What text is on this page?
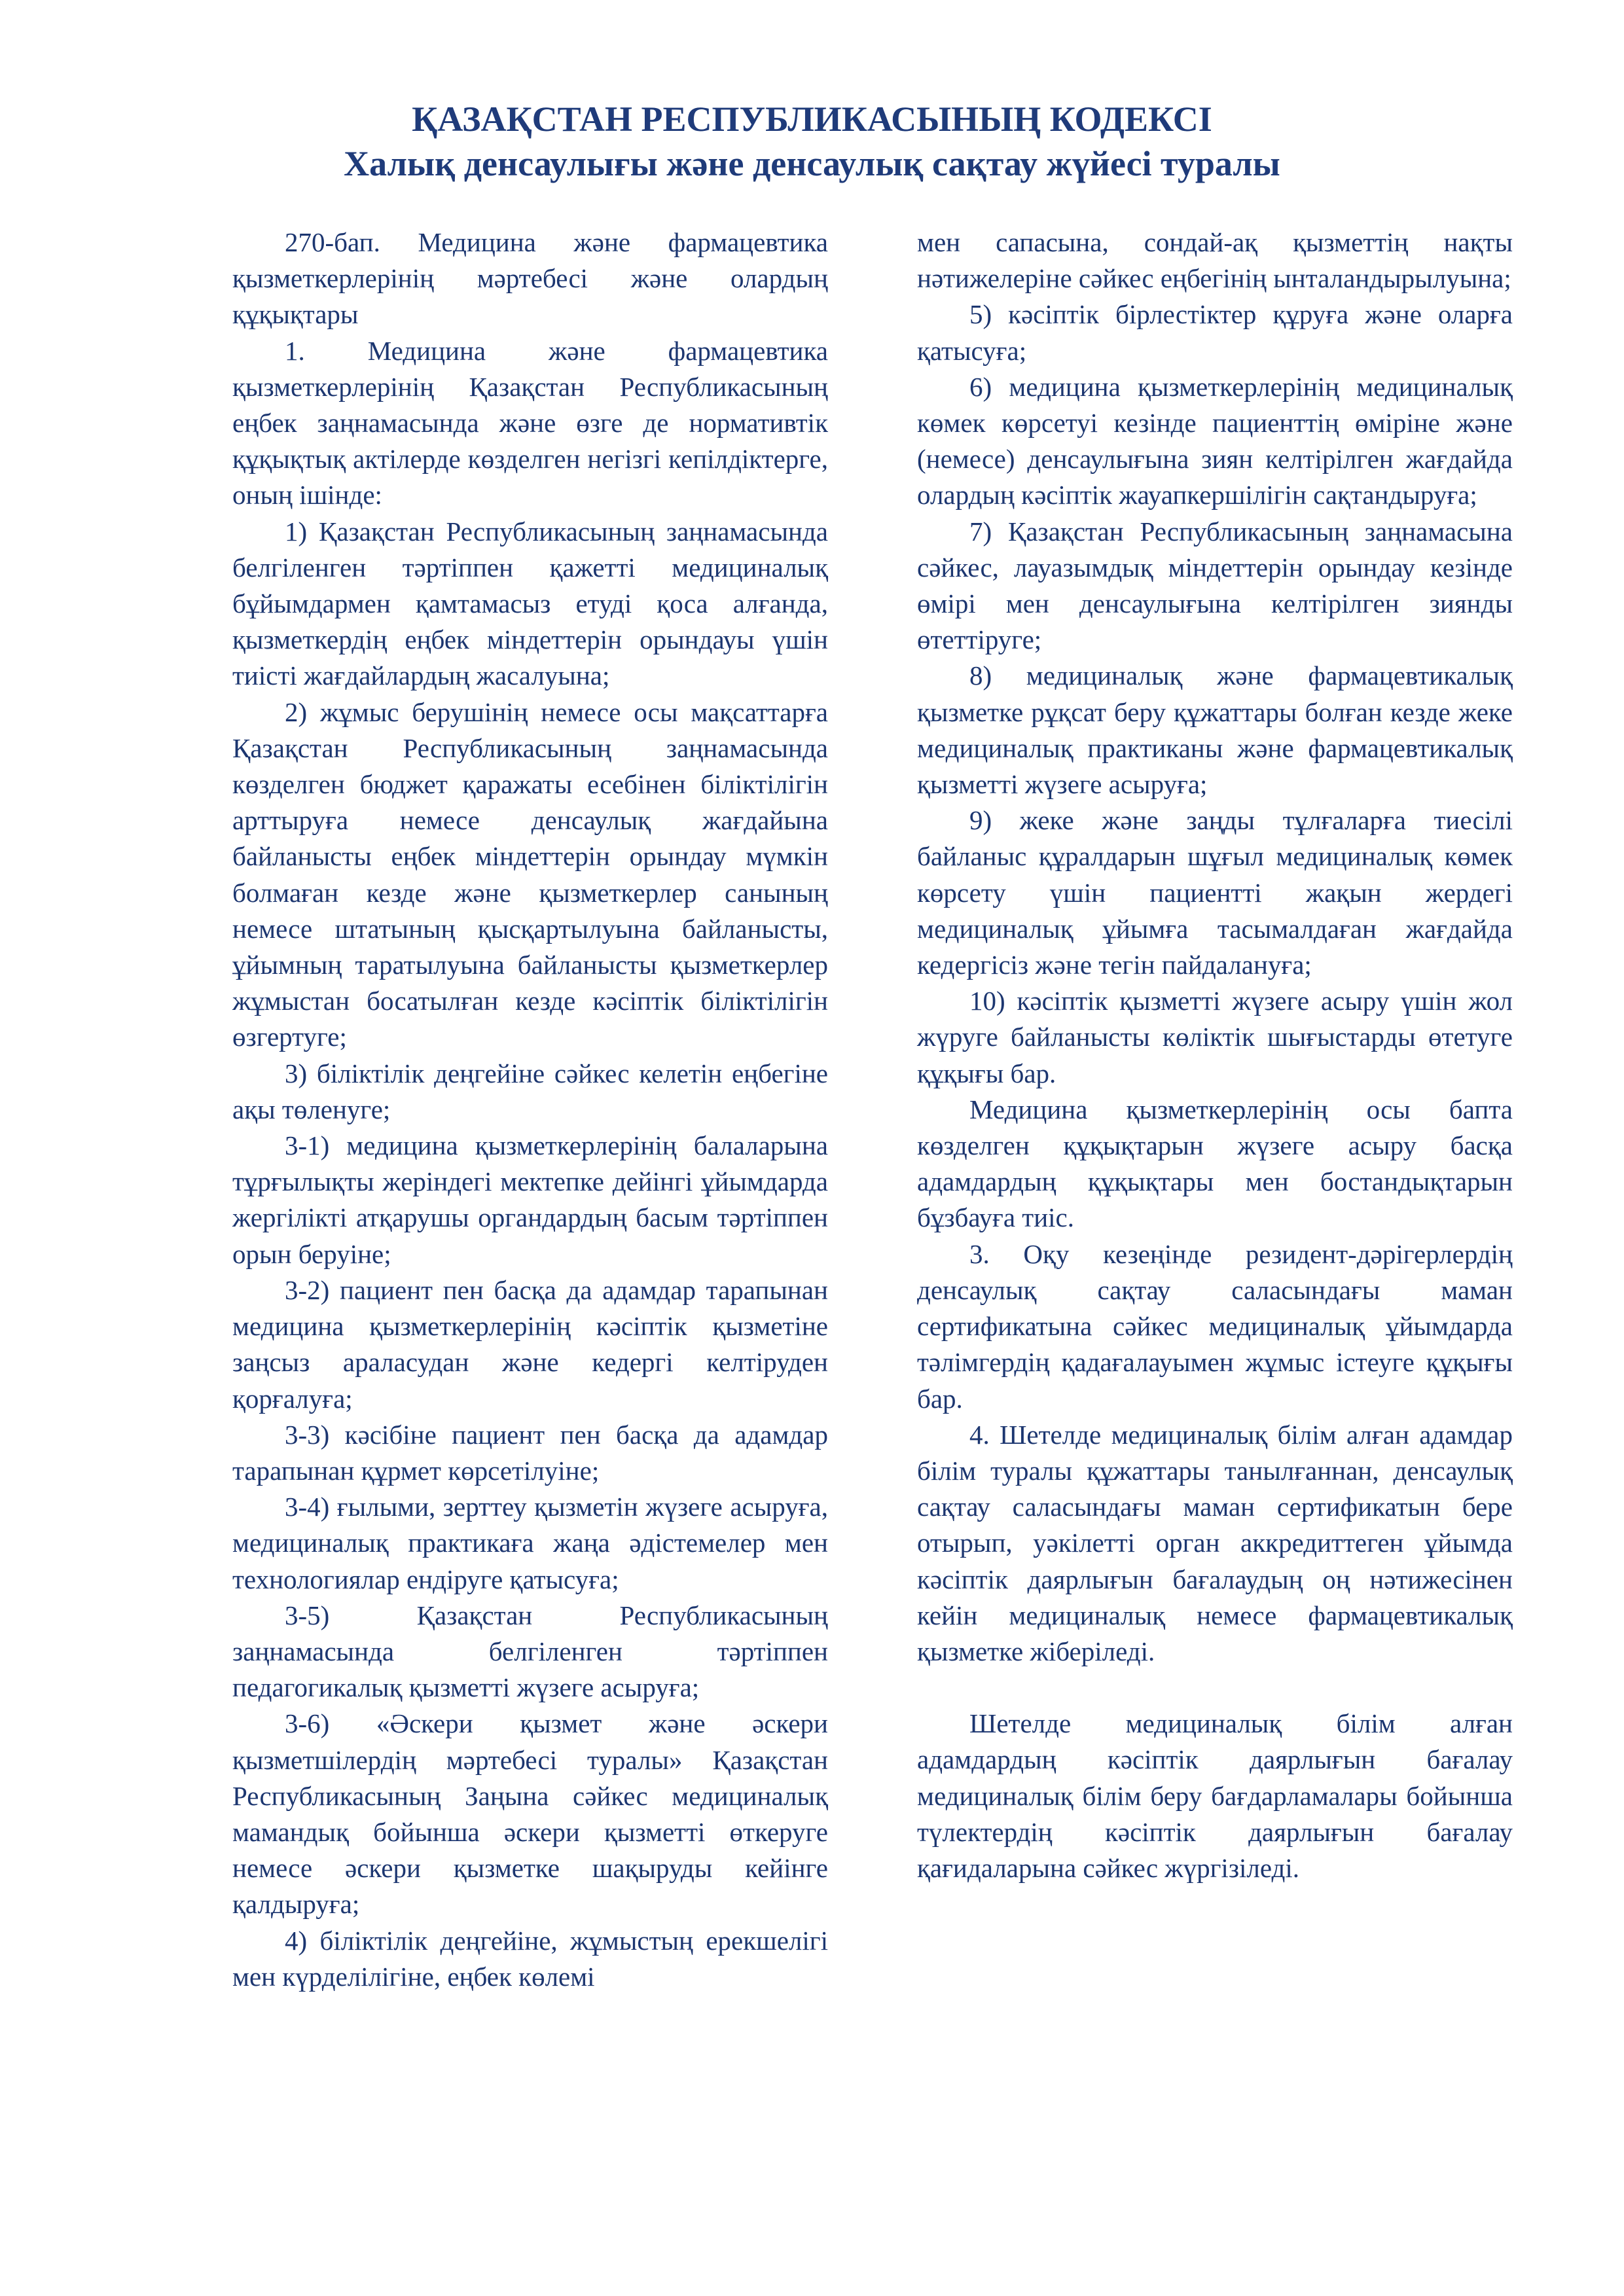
ҚАЗАҚСТАН РЕСПУБЛИКАСЫНЫҢ КОДЕКСІ
Халық денсаулығы және денсаулық сақтау жүйесі туралы

270-бап. Медицина және фармацевтика қызметкерлерінің мәртебесі және олардың құқықтары

1. Медицина және фармацевтика қызметкерлерінің Қазақстан Республикасының еңбек заңнамасында және өзге де нормативтік құқықтық актілерде көзделген негізгі кепілдіктерге, оның ішінде:

1) Қазақстан Республикасының заңнамасында белгіленген тәртіппен қажетті медициналық бұйымдармен қамтамасыз етуді қоса алғанда, қызметкердің еңбек міндеттерін орындауы үшін тиісті жағдайлардың жасалуына;

2) жұмыс берушінің немесе осы мақсаттарға Қазақстан Республикасының заңнамасында көзделген бюджет қаражаты есебінен біліктілігін арттыруға немесе денсаулық жағдайына байланысты еңбек міндеттерін орындау мүмкін болмаған кезде және қызметкерлер санының немесе штатының қысқартылуына байланысты, ұйымның таратылуына байланысты қызметкерлер жұмыстан босатылған кезде кәсіптік біліктілігін өзгертуге;

3) біліктілік деңгейіне сәйкес келетін еңбегіне ақы төленуге;

3-1) медицина қызметкерлерінің балаларына тұрғылықты жеріндегі мектепке дейінгі ұйымдарда жергілікті атқарушы органдардың басым тәртіппен орын беруіне;

3-2) пациент пен басқа да адамдар тарапынан медицина қызметкерлерінің кәсіптік қызметіне заңсыз араласудан және кедергі келтіруден қорғалуға;

3-3) кәсібіне пациент пен басқа да адамдар тарапынан құрмет көрсетілуіне;

3-4) ғылыми, зерттеу қызметін жүзеге асыруға, медициналық практикаға жаңа әдістемелер мен технологиялар ендіруге қатысуға;

3-5) Қазақстан Республикасының заңнамасында белгіленген тәртіппен педагогикалық қызметті жүзеге асыруға;

3-6) «Әскери қызмет және әскери қызметшілердің мәртебесі туралы» Қазақстан Республикасының Заңына сәйкес медициналық мамандық бойынша әскери қызметті өткеруге немесе әскери қызметке шақыруды кейінге қалдыруға;

4) біліктілік деңгейіне, жұмыстың ерекшелігі мен күрделілігіне, еңбек көлемі

мен сапасына, сондай-ақ қызметтің нақты нәтижелеріне сәйкес еңбегінің ынталандырылуына;

5) кәсіптік бірлестіктер құруға және оларға қатысуға;

6) медицина қызметкерлерінің медициналық көмек көрсетуі кезінде пациенттің өміріне және (немесе) денсаулығына зиян келтірілген жағдайда олардың кәсіптік жауапкершілігін сақтандыруға;

7) Қазақстан Республикасының заңнамасына сәйкес, лауазымдық міндеттерін орындау кезінде өмірі мен денсаулығына келтірілген зиянды өтеттіруге;

8) медициналық және фармацевтикалық қызметке рұқсат беру құжаттары болған кезде жеке медициналық практиканы және фармацевтикалық қызметті жүзеге асыруға;

9) жеке және заңды тұлғаларға тиесілі байланыс құралдарын шұғыл медициналық көмек көрсету үшін пациентті жақын жердегі медициналық ұйымға тасымалдаған жағдайда кедергісіз және тегін пайдалануға;

10) кәсіптік қызметті жүзеге асыру үшін жол жүруге байланысты көліктік шығыстарды өтетуге құқығы бар.

Медицина қызметкерлерінің осы бапта көзделген құқықтарын жүзеге асыру басқа адамдардың құқықтары мен бостандықтарын бұзбауға тиіс.

3. Оқу кезеңінде резидент-дәрігерлердің денсаулық сақтау саласындағы маман сертификатына сәйкес медициналық ұйымдарда тәлімгердің қадағалауымен жұмыс істеуге құқығы бар.

4. Шетелде медициналық білім алған адамдар білім туралы құжаттары танылғаннан, денсаулық сақтау саласындағы маман сертификатын бере отырып, уәкілетті орган аккредиттеген ұйымда кәсіптік даярлығын бағалаудың оң нәтижесінен кейін медициналық немесе фармацевтикалық қызметке жіберіледі.

Шетелде медициналық білім алған адамдардың кәсіптік даярлығын бағалау медициналық білім беру бағдарламалары бойынша түлектердің кәсіптік даярлығын бағалау қағидаларына сәйкес жүргізіледі.
